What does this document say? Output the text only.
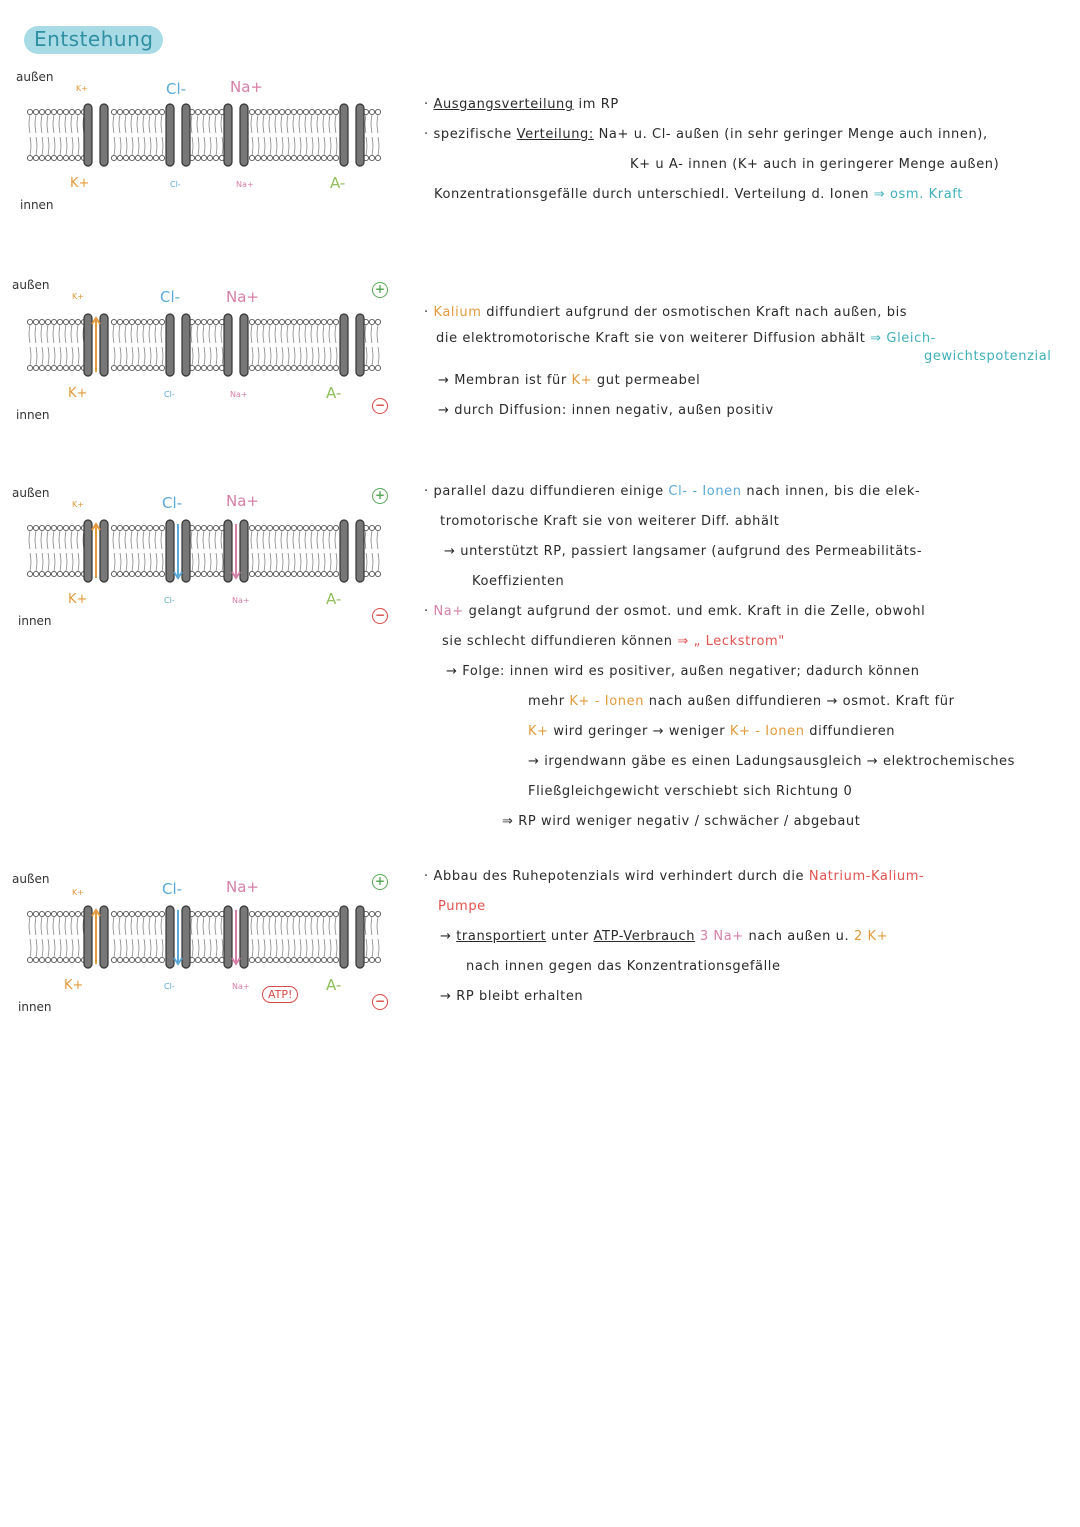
Entstehung
außen
K+	Cl-	Na+
K+	Cl-	Na+	A-
innen
außen
K+	Cl-	Na+	+
K+	Cl-	Na+	A-
−
innen
außen
K+	Cl-	Na+	+
K+	Cl-	Na+	A-
−
innen
außen
K+	Cl-	Na+	+
K+	Cl-	Na+
ATP!
A-
−
innen
· Ausgangsverteilung im RP
· spezifische Verteilung: Na+ u. Cl- außen (in sehr geringer Menge auch innen),
K+ u A- innen (K+ auch in geringerer Menge außen)
Konzentrationsgefälle durch unterschiedl. Verteilung d. Ionen ⇒ osm. Kraft
· Kalium diffundiert aufgrund der osmotischen Kraft nach außen, bis
die elektromotorische Kraft sie von weiterer Diffusion abhält ⇒ Gleich-
gewichtspotenzial
→ Membran ist für K+ gut permeabel
→ durch Diffusion: innen negativ, außen positiv
· parallel dazu diffundieren einige Cl- - Ionen nach innen, bis die elek-
tromotorische Kraft sie von weiterer Diff. abhält
→ unterstützt RP, passiert langsamer (aufgrund des Permeabilitäts-
Koeffizienten
· Na+ gelangt aufgrund der osmot. und emk. Kraft in die Zelle, obwohl
sie schlecht diffundieren können ⇒ „ Leckstrom"
→ Folge: innen wird es positiver, außen negativer; dadurch können
mehr K+ - Ionen nach außen diffundieren → osmot. Kraft für
K+ wird geringer → weniger K+ - Ionen diffundieren
→ irgendwann gäbe es einen Ladungsausgleich → elektrochemisches
Fließgleichgewicht verschiebt sich Richtung 0
⇒ RP wird weniger negativ / schwächer / abgebaut
· Abbau des Ruhepotenzials wird verhindert durch die Natrium-Kalium-
Pumpe
→ transportiert unter ATP-Verbrauch 3 Na+ nach außen u. 2 K+
nach innen gegen das Konzentrationsgefälle
→ RP bleibt erhalten
